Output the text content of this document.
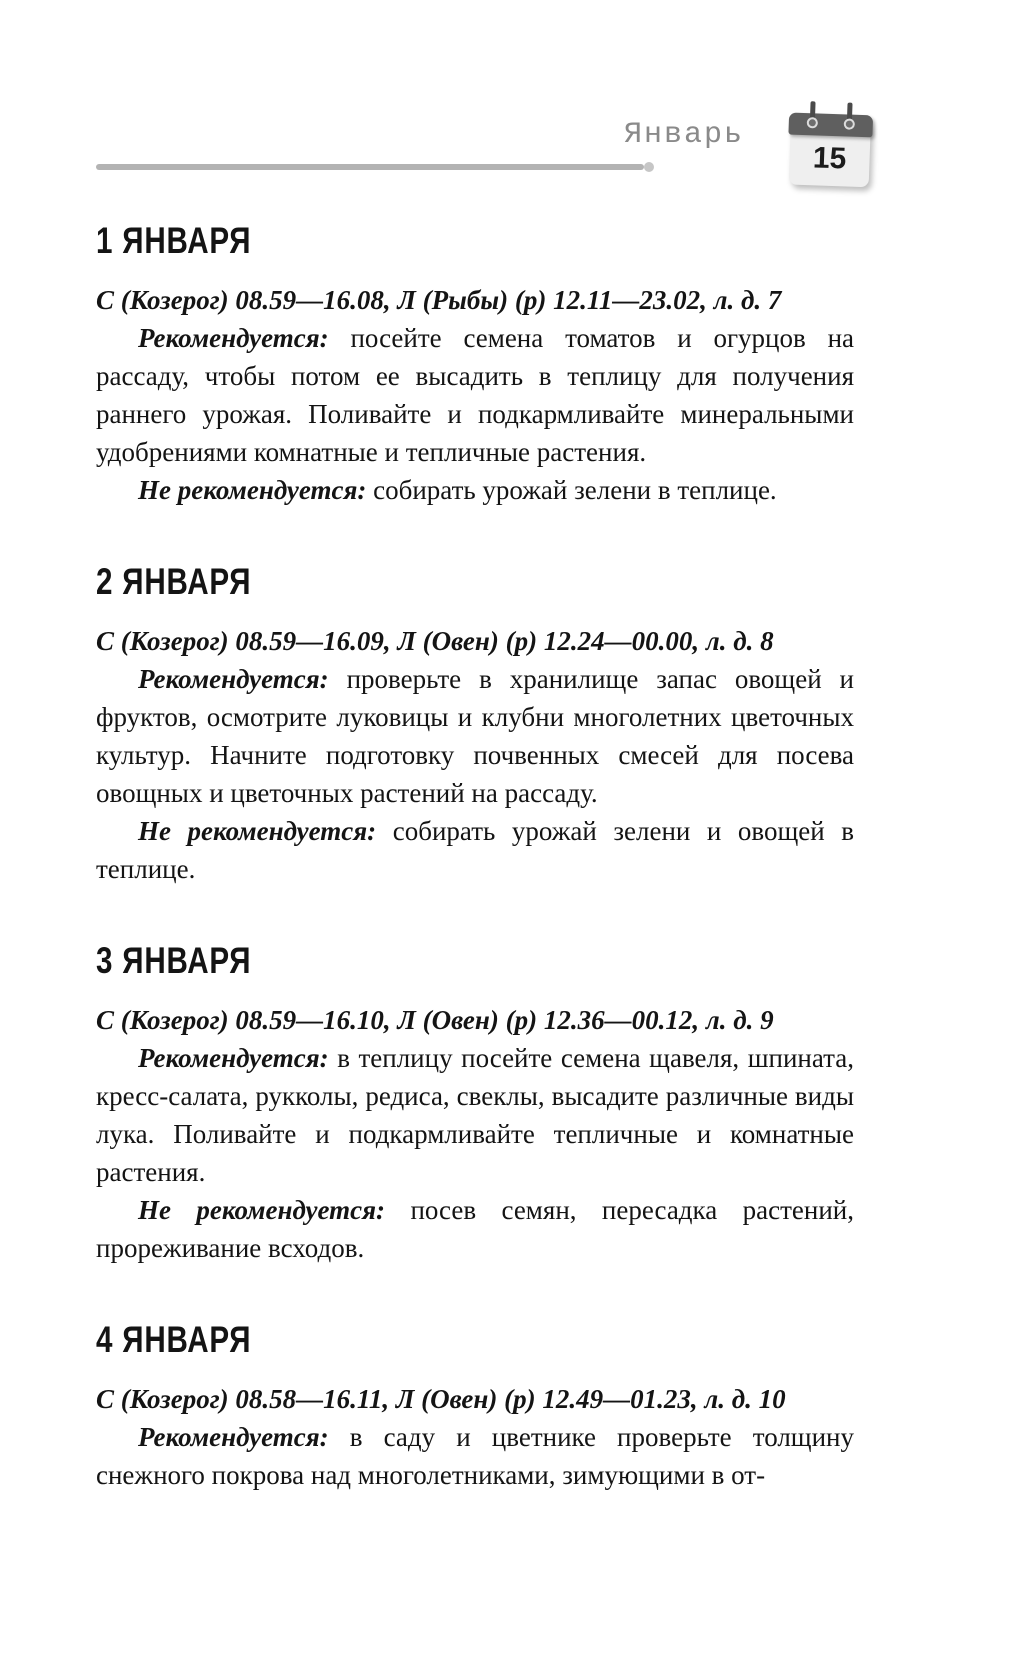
Январь
15
1 ЯНВАРЯ

С (Козерог) 08.59—16.08, Л (Рыбы) (р) 12.11—23.02, л. д. 7

Рекомендуется: посейте семена томатов и огурцов на рассаду, чтобы потом ее высадить в теплицу для получения раннего урожая. Поливайте и подкармливайте минеральными удобрениями комнатные и тепличные растения.

Не рекомендуется: собирать урожай зелени в теплице.

2 ЯНВАРЯ

С (Козерог) 08.59—16.09, Л (Овен) (р) 12.24—00.00, л. д. 8

Рекомендуется: проверьте в хранилище запас овощей и фруктов, осмотрите луковицы и клубни многолетних цветочных культур. Начните подготовку почвенных смесей для посева овощных и цветочных растений на рассаду.

Не рекомендуется: собирать урожай зелени и овощей в теплице.

3 ЯНВАРЯ

С (Козерог) 08.59—16.10, Л (Овен) (р) 12.36—00.12, л. д. 9

Рекомендуется: в теплицу посейте семена щавеля, шпината, кресс-салата, рукколы, редиса, свеклы, высадите различные виды лука. Поливайте и подкармливайте тепличные и комнатные растения.

Не рекомендуется: посев семян, пересадка растений, прореживание всходов.

4 ЯНВАРЯ

С (Козерог) 08.58—16.11, Л (Овен) (р) 12.49—01.23, л. д. 10

Рекомендуется: в саду и цветнике проверьте толщину снежного покрова над многолетниками, зимующими в от-
